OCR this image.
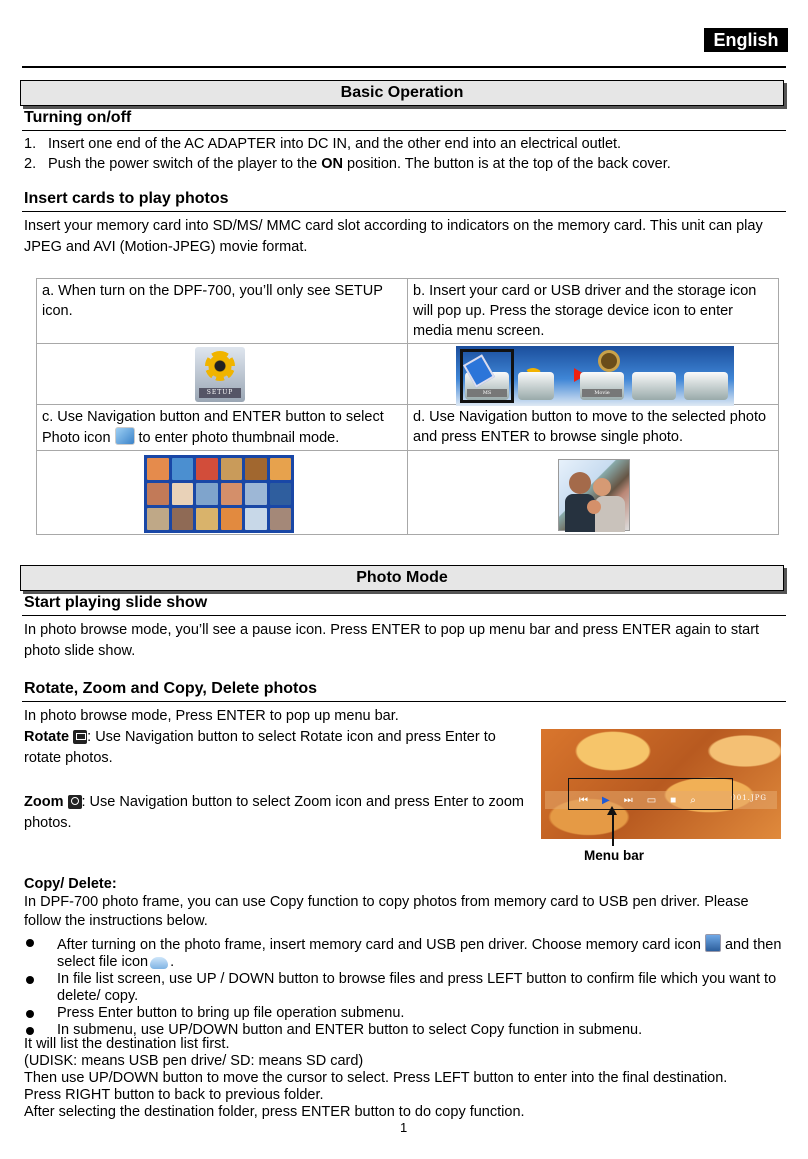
English
Basic Operation
Turning on/off
1. Insert one end of the AC ADAPTER into DC IN, and the other end into an electrical outlet.
2. Push the power switch of the player to the ON position. The button is at the top of the back cover.
Insert cards to play photos
Insert your memory card into SD/MS/ MMC card slot according to indicators on the memory card. This unit can play JPEG and AVI (Motion-JPEG) movie format.
a. When turn on the DPF-700, you’ll only see SETUP icon.	b. Insert your card or USB driver and the storage icon will pop up. Press the storage device icon to enter media menu screen.

SETUP	MS Movie

c. Use Navigation button and ENTER button to select Photo icon to enter photo thumbnail mode.	d. Use Navigation button to move to the selected photo and press ENTER to browse single photo.

Photo Mode
Start playing slide show
In photo browse mode, you’ll see a pause icon. Press ENTER to pop up menu bar and press ENTER again to start photo slide show.
Rotate, Zoom and Copy, Delete photos
In photo browse mode, Press ENTER to pop up menu bar.
Rotate : Use Navigation button to select Rotate icon and press Enter to rotate photos.
Zoom : Use Navigation button to select Zoom icon and press Enter to zoom photos.
⏮ ▶ ⏭ ▭ ■ ⌕	001.JPG
Menu bar
Copy/ Delete:
In DPF-700 photo frame, you can use Copy function to copy photos from memory card to USB pen driver. Please follow the instructions below.
After turning on the photo frame, insert memory card and USB pen driver. Choose memory card icon and then select file icon .
In file list screen, use UP / DOWN button to browse files and press LEFT button to confirm file which you want to delete/ copy.
Press Enter button to bring up file operation submenu.
In submenu, use UP/DOWN button and ENTER button to select Copy function in submenu.
It will list the destination list first.
(UDISK: means USB pen drive/ SD: means SD card)
Then use UP/DOWN button to move the cursor to select. Press LEFT button to enter into the final destination.
Press RIGHT button to back to previous folder.
After selecting the destination folder, press ENTER button to do copy function.
1
